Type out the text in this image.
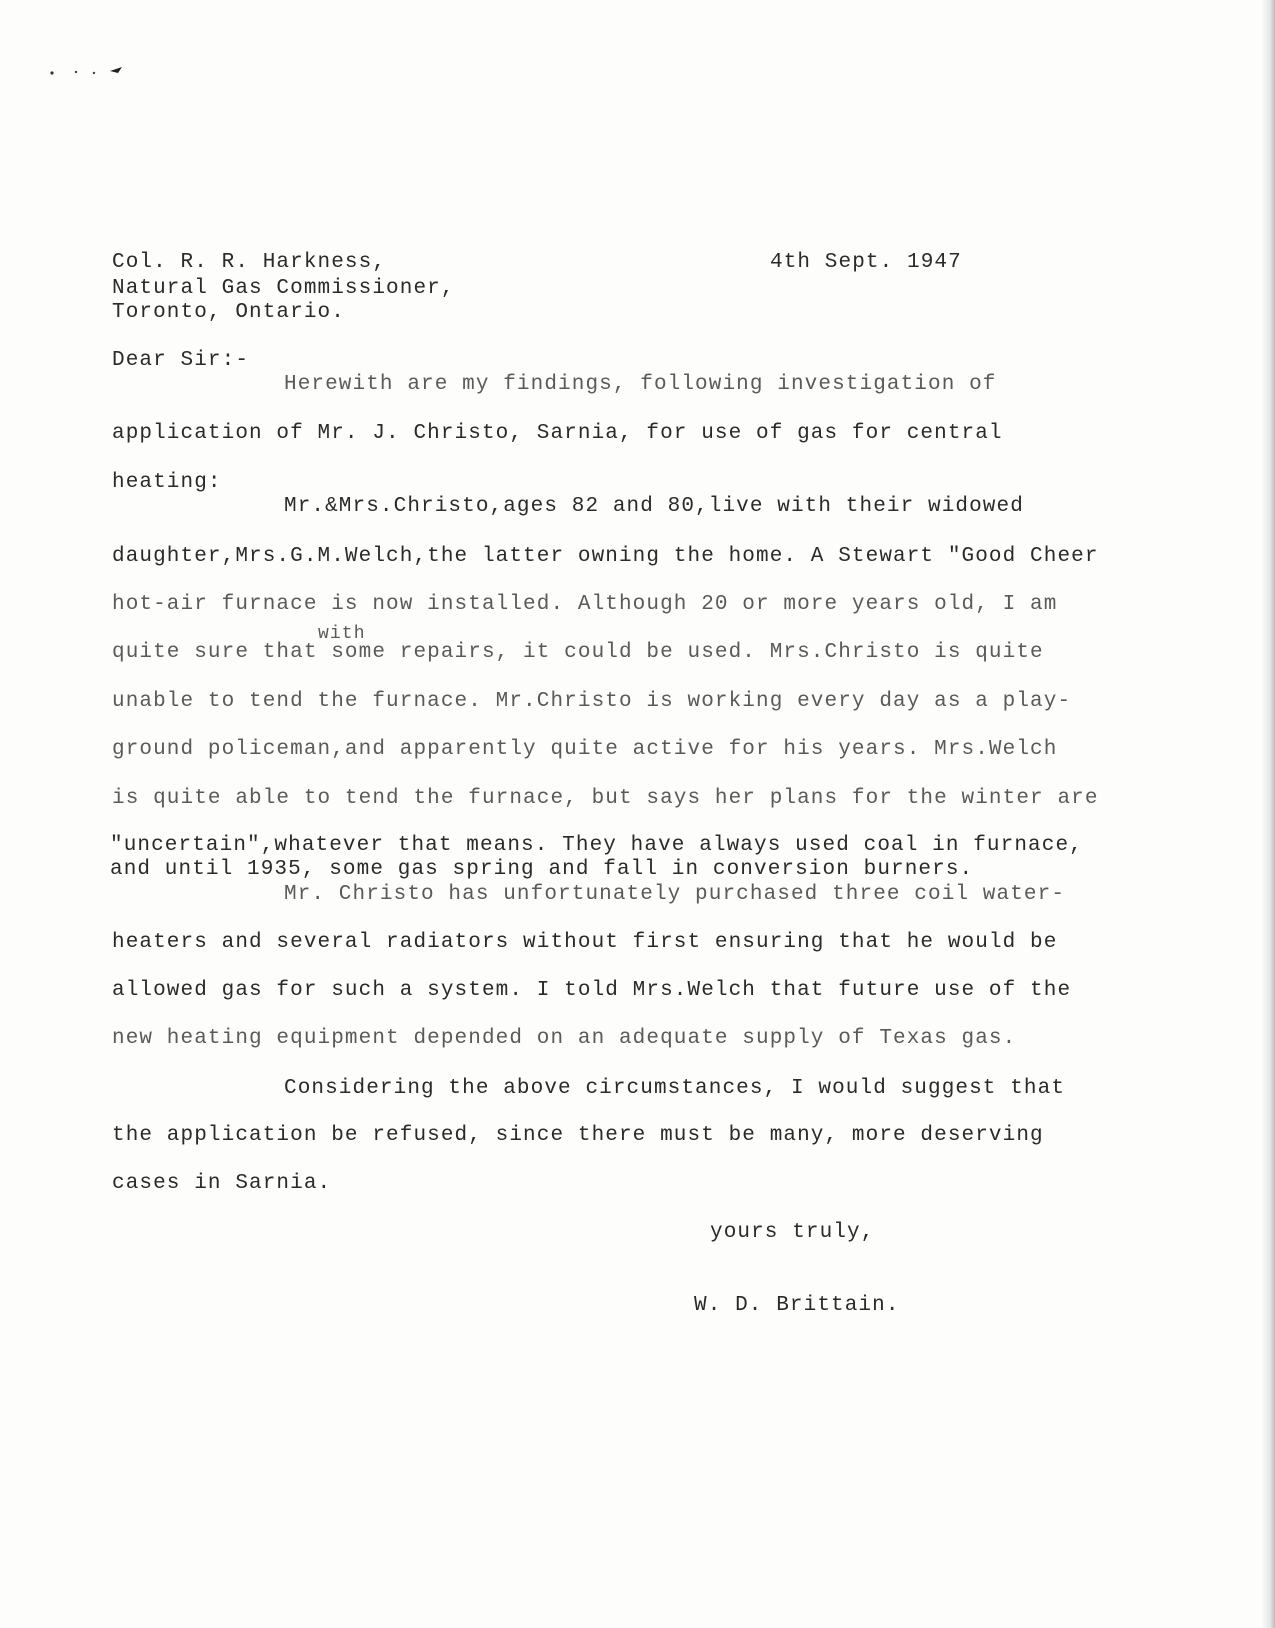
Col. R. R. Harkness,	4th Sept. 1947
Natural Gas Commissioner,
Toronto, Ontario.
Dear Sir:-
Herewith are my findings, following investigation of
application of Mr. J. Christo, Sarnia, for use of gas for central
heating:
Mr.&Mrs.Christo,ages 82 and 80,live with their widowed
daughter,Mrs.G.M.Welch,the latter owning the home. A Stewart "Good Cheer
hot-air furnace is now installed. Although 20 or more years old, I am
with
quite sure that some repairs, it could be used. Mrs.Christo is quite
unable to tend the furnace. Mr.Christo is working every day as a play-
ground policeman,and apparently quite active for his years. Mrs.Welch
is quite able to tend the furnace, but says her plans for the winter are
"uncertain",whatever that means. They have always used coal in furnace,
and until 1935, some gas spring and fall in conversion burners.
Mr. Christo has unfortunately purchased three coil water-
heaters and several radiators without first ensuring that he would be
allowed gas for such a system. I told Mrs.Welch that future use of the
new heating equipment depended on an adequate supply of Texas gas.
Considering the above circumstances, I would suggest that
the application be refused, since there must be many, more deserving
cases in Sarnia.
yours truly,
W. D. Brittain.
